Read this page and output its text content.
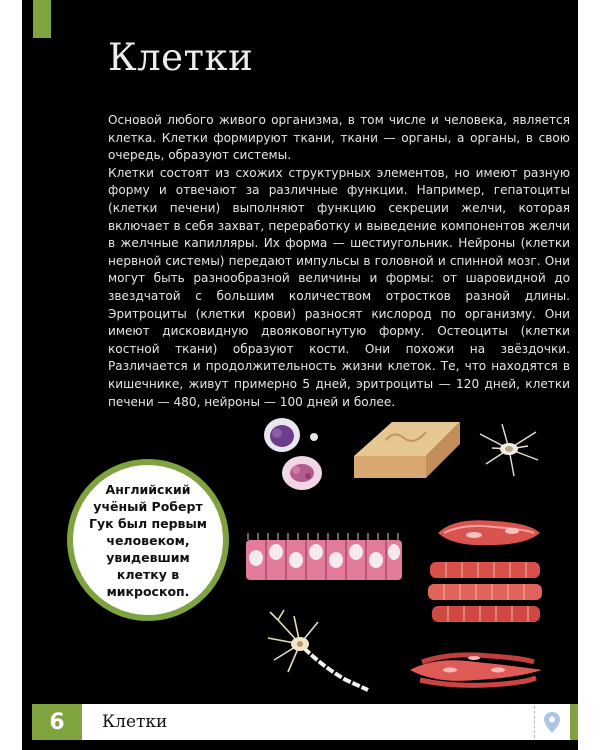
Клетки

Основой любого живого организма, в том числе и человека, является клетка. Клетки формируют ткани, ткани — органы, а органы, в свою очередь, образуют системы.

Клетки состоят из схожих структурных элементов, но имеют разную форму и отвечают за различные функции. Например, гепатоциты (клетки печени) выполняют функцию секреции желчи, которая включает в себя захват, переработку и выведение компонентов желчи в желчные капилляры. Их форма — шестиугольник. Нейроны (клетки нервной системы) передают импульсы в головной и спинной мозг. Они могут быть разнообразной величины и формы: от шаровидной до звездчатой с большим количеством отростков разной длины. Эритроциты (клетки крови) разносят кислород по организму. Они имеют дисковидную двояковогнутую форму. Остеоциты (клетки костной ткани) образуют кости. Они похожи на звёздочки. Различается и продолжительность жизни клеток. Те, что находятся в кишечнике, живут примерно 5 дней, эритроциты — 120 дней, клетки печени — 480, нейроны — 100 дней и более.

Английский учёный Роберт Гук был первым человеком, увидевшим клетку в микроскоп.
6	Клетки
